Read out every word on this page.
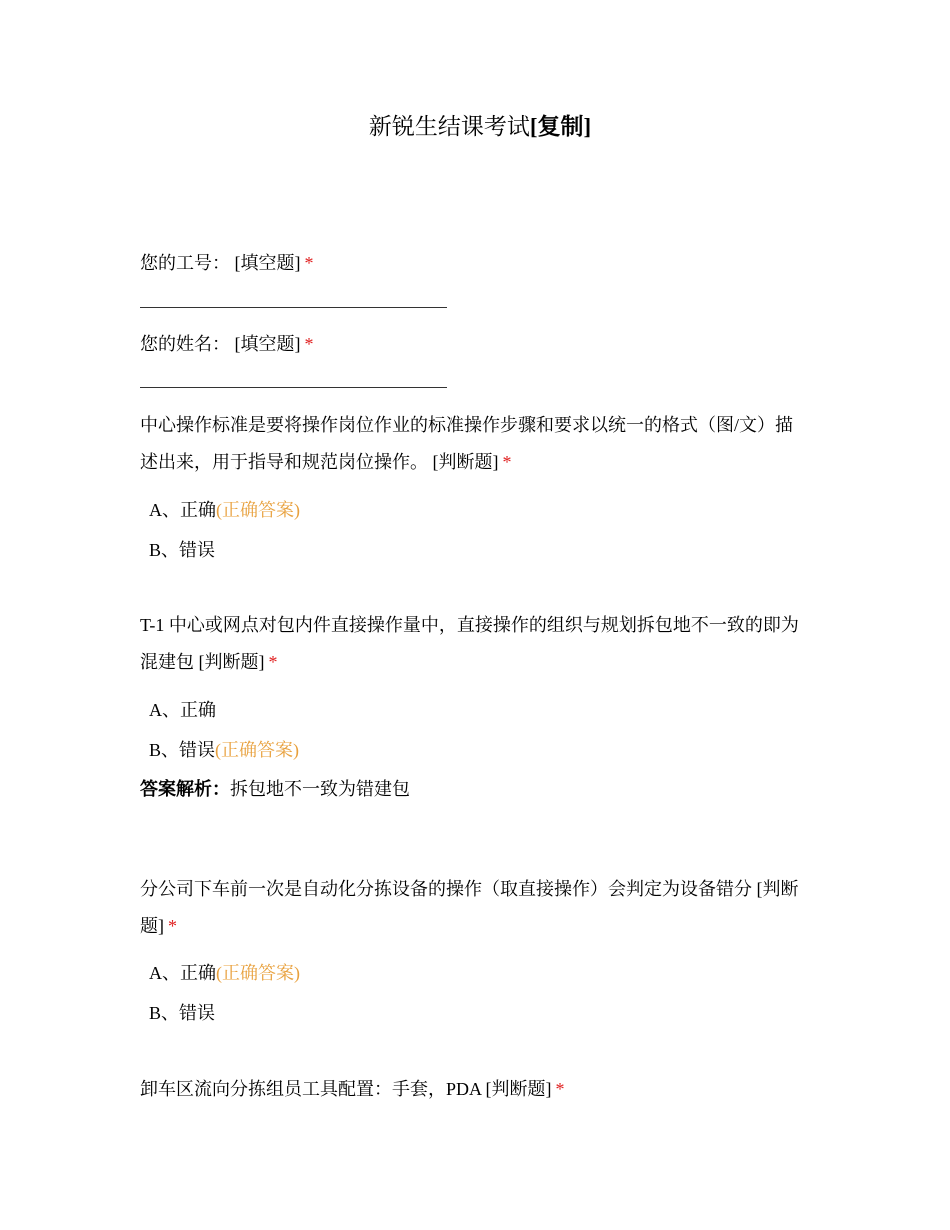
新锐生结课考试[复制]
您的工号： [填空题] *
您的姓名： [填空题] *
中心操作标准是要将操作岗位作业的标准操作步骤和要求以统一的格式（图/文）描述出来，用于指导和规范岗位操作。 [判断题] *
A、正确(正确答案)
B、错误
T-1 中心或网点对包内件直接操作量中，直接操作的组织与规划拆包地不一致的即为混建包 [判断题] *
A、正确
B、错误(正确答案)
答案解析：拆包地不一致为错建包
分公司下车前一次是自动化分拣设备的操作（取直接操作）会判定为设备错分 [判断题] *
A、正确(正确答案)
B、错误
卸车区流向分拣组员工具配置：手套，PDA [判断题] *
